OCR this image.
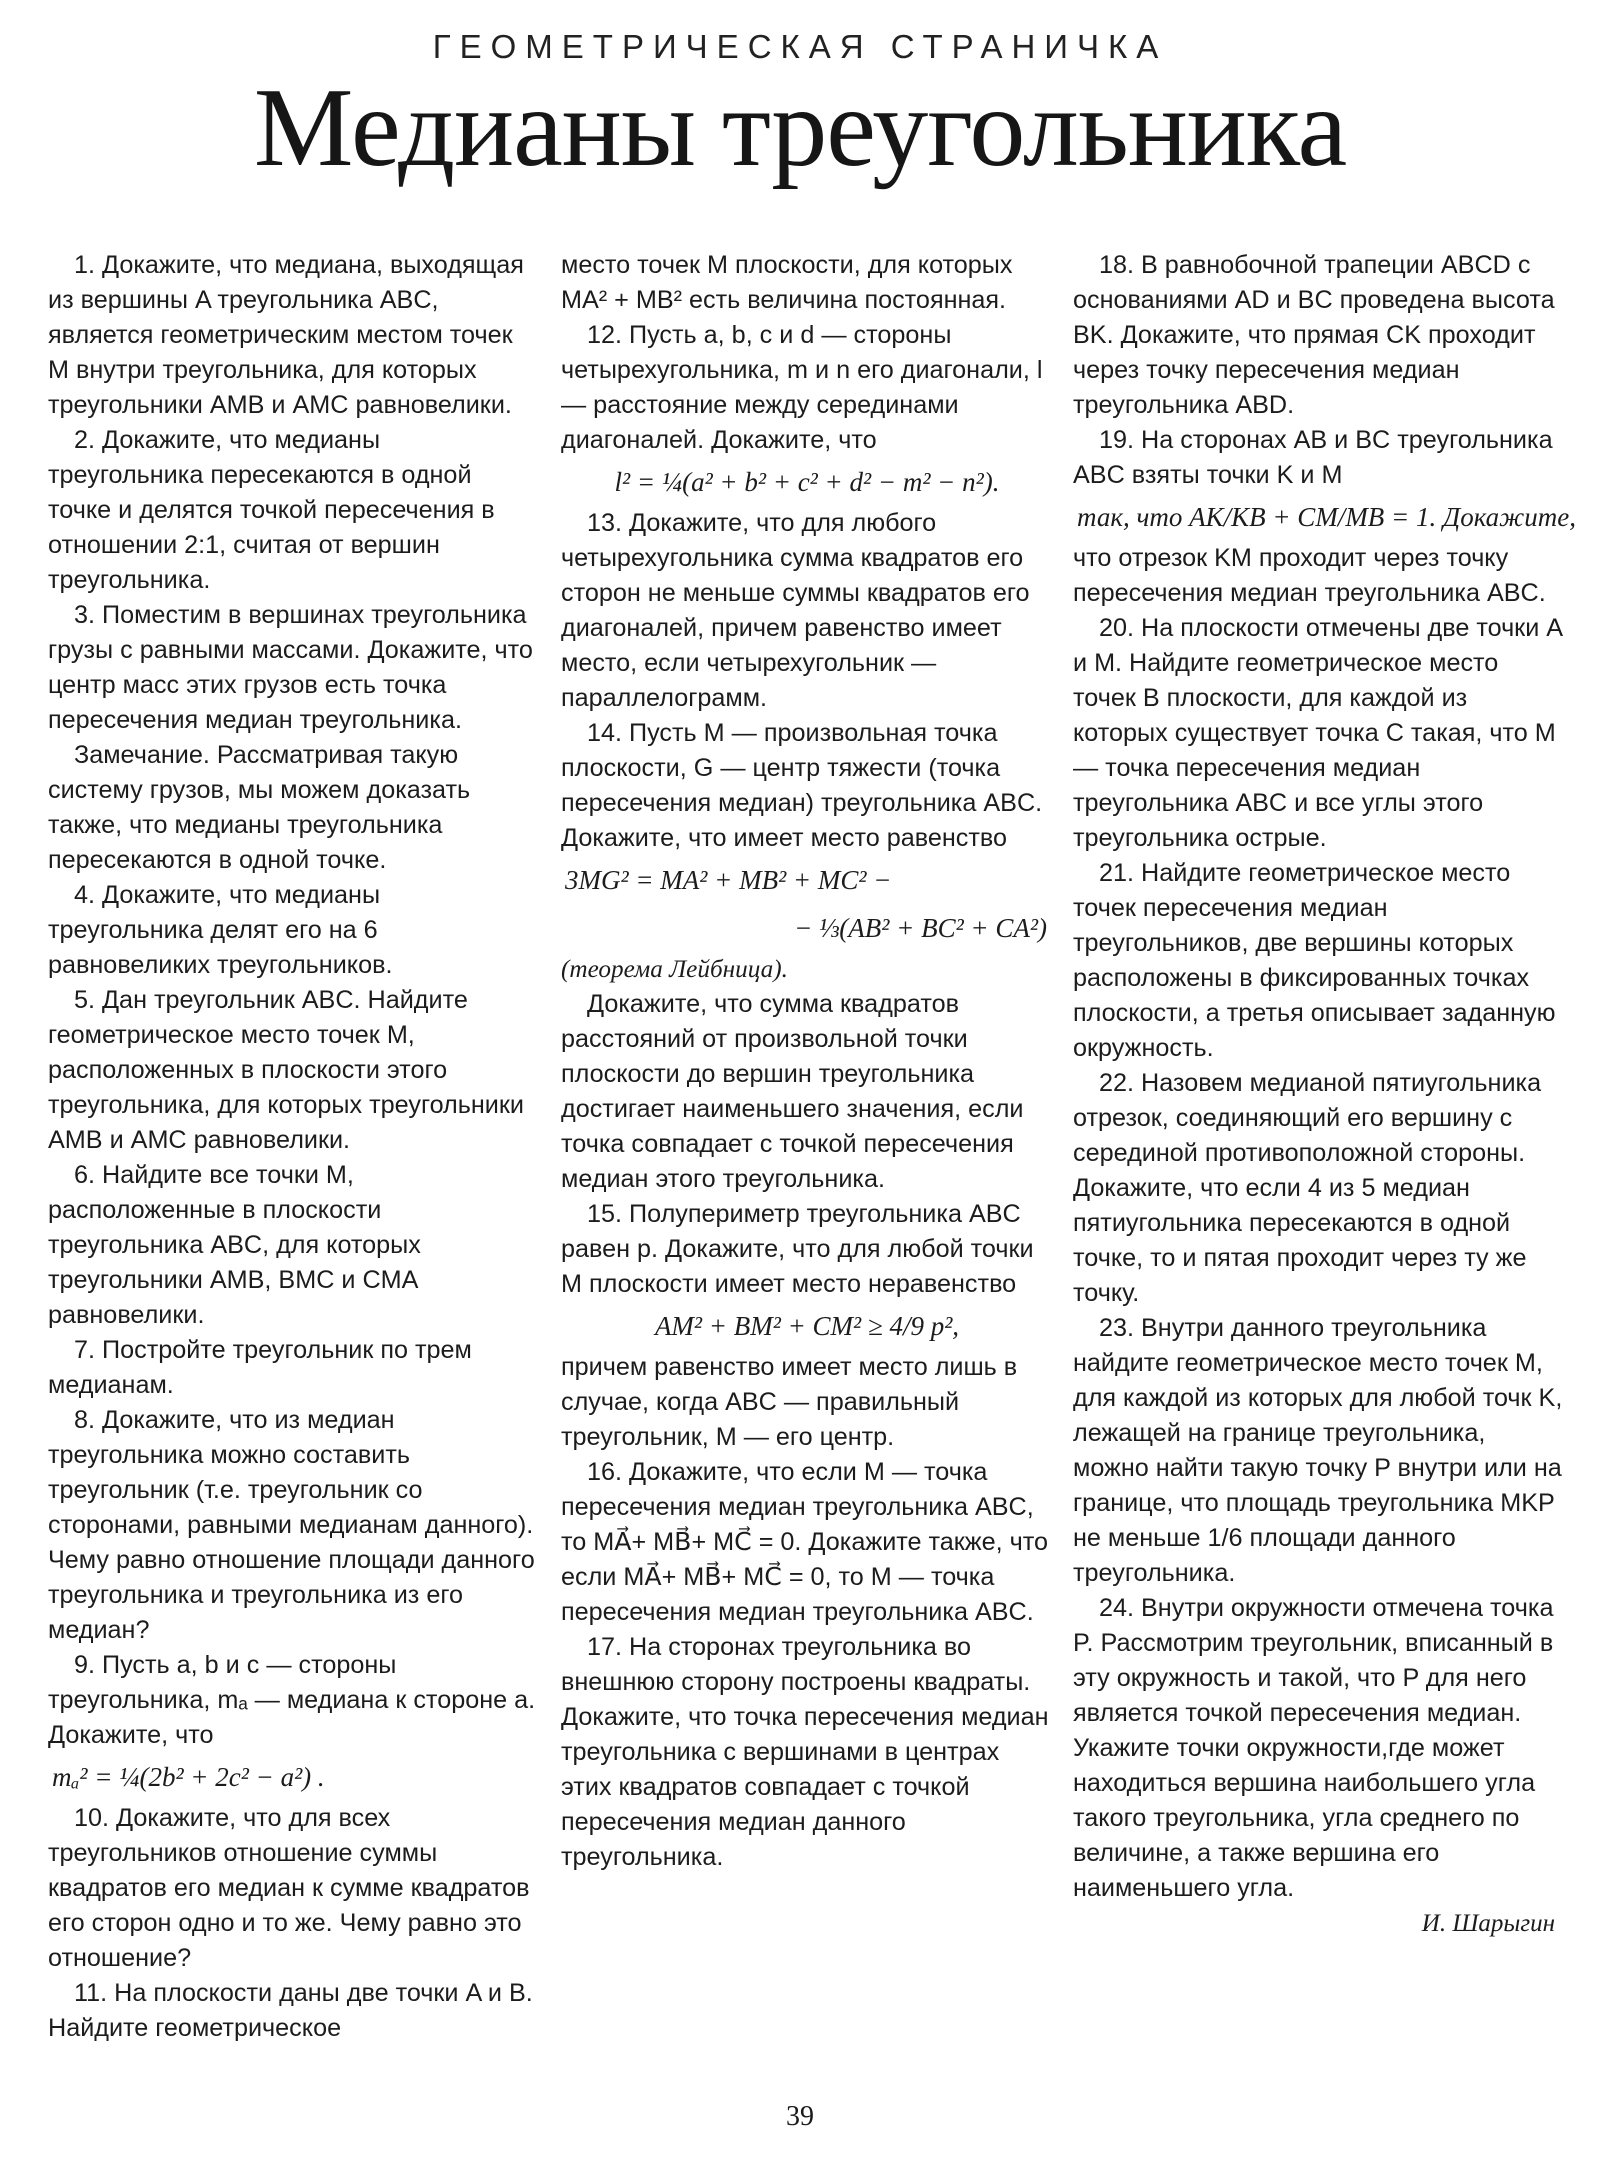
ГЕОМЕТРИЧЕСКАЯ СТРАНИЧКА
Медианы треугольника

1. Докажите, что медиана, выходящая из вершины A треугольника ABC, является геометрическим местом точек M внутри треугольника, для которых треугольники AMB и AMC равновелики.

2. Докажите, что медианы треугольника пересекаются в одной точке и делятся точкой пересечения в отношении 2:1, считая от вершин треугольника.

3. Поместим в вершинах треугольника грузы с равными массами. Докажите, что центр масс этих грузов есть точка пересечения медиан треугольника.

Замечание. Рассматривая такую систему грузов, мы можем доказать также, что медианы треугольника пересекаются в одной точке.

4. Докажите, что медианы треугольника делят его на 6 равновеликих треугольников.

5. Дан треугольник ABC. Найдите геометрическое место точек M, расположенных в плоскости этого треугольника, для которых треугольники AMB и AMC равновелики.

6. Найдите все точки M, расположенные в плоскости треугольника ABC, для которых треугольники AMB, BMC и CMA равновелики.

7. Постройте треугольник по трем медианам.

8. Докажите, что из медиан треугольника можно составить треугольник (т.е. треугольник со сторонами, равными медианам данного). Чему равно отношение площади данного треугольника и треугольника из его медиан?

9. Пусть a, b и c — стороны треугольника, mₐ — медиана к стороне a. Докажите, что

mₐ² = ¼(2b² + 2c² − a²) .

10. Докажите, что для всех треугольников отношение суммы квадратов его медиан к сумме квадратов его сторон одно и то же. Чему равно это отношение?

11. На плоскости даны две точки A и B. Найдите геометрическое

место точек M плоскости, для которых MA² + MB² есть величина постоянная.

12. Пусть a, b, c и d — стороны четырехугольника, m и n его диагонали, l — расстояние между серединами диагоналей. Докажите, что

l² = ¼(a² + b² + c² + d² − m² − n²).

13. Докажите, что для любого четырехугольника сумма квадратов его сторон не меньше суммы квадратов его диагоналей, причем равенство имеет место, если четырехугольник — параллелограмм.

14. Пусть M — произвольная точка плоскости, G — центр тяжести (точка пересечения медиан) треугольника ABC. Докажите, что имеет место равенство

3MG² = MA² + MB² + MC² −
− ⅓(AB² + BC² + CA²)

(теорема Лейбница).

Докажите, что сумма квадратов расстояний от произвольной точки плоскости до вершин треугольника достигает наименьшего значения, если точка совпадает с точкой пересечения медиан этого треугольника.

15. Полупериметр треугольника ABC равен p. Докажите, что для любой точки M плоскости имеет место неравенство

AM² + BM² + CM² ≥ 4/9 p²,

причем равенство имеет место лишь в случае, когда ABC — правильный треугольник, M — его центр.

16. Докажите, что если M — точка пересечения медиан треугольника ABC, то MA⃗+ MB⃗+ MC⃗ = 0. Докажите также, что если MA⃗+ MB⃗+ MC⃗ = 0, то M — точка пересечения медиан треугольника ABC.

17. На сторонах треугольника во внешнюю сторону построены квадраты. Докажите, что точка пересечения медиан треугольника с вершинами в центрах этих квадратов совпадает с точкой пересечения медиан данного треугольника.

18. В равнобочной трапеции ABCD с основаниями AD и BC проведена высота BK. Докажите, что прямая CK проходит через точку пересечения медиан треугольника ABD.

19. На сторонах AB и BC треугольника ABC взяты точки K и M

так, что AK/KB + CM/MB = 1. Докажите,

что отрезок KM проходит через точку пересечения медиан треугольника ABC.

20. На плоскости отмечены две точки A и M. Найдите геометрическое место точек B плоскости, для каждой из которых существует точка C такая, что M — точка пересечения медиан треугольника ABC и все углы этого треугольника острые.

21. Найдите геометрическое место точек пересечения медиан треугольников, две вершины которых расположены в фиксированных точках плоскости, а третья описывает заданную окружность.

22. Назовем медианой пятиугольника отрезок, соединяющий его вершину с серединой противоположной стороны. Докажите, что если 4 из 5 медиан пятиугольника пересекаются в одной точке, то и пятая проходит через ту же точку.

23. Внутри данного треугольника найдите геометрическое место точек M, для каждой из которых для любой точк K, лежащей на границе треугольника, можно найти такую точку P внутри или на границе, что площадь треугольника MKP не меньше 1/6 площади данного треугольника.

24. Внутри окружности отмечена точка P. Рассмотрим треугольник, вписанный в эту окружность и такой, что P для него является точкой пересечения медиан. Укажите точки окружности,где может находиться вершина наибольшего угла такого треугольника, угла среднего по величине, а также вершина его наименьшего угла.

И. Шарыгин
39
